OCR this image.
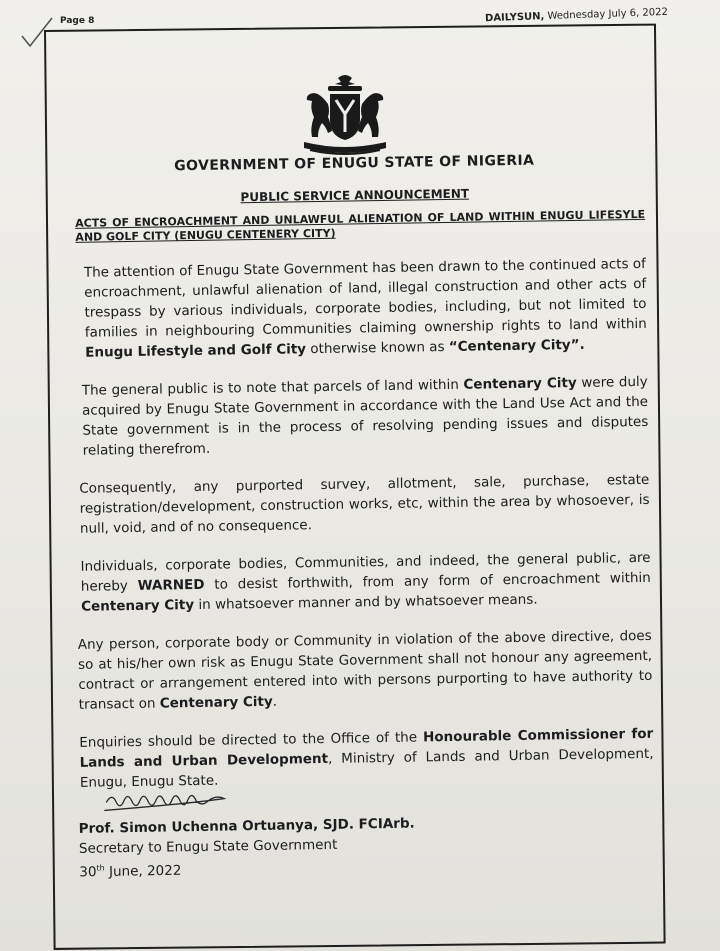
Page 8	DAILYSUN, Wednesday July 6, 2022
GOVERNMENT OF ENUGU STATE OF NIGERIA
PUBLIC SERVICE ANNOUNCEMENT
ACTS OF ENCROACHMENT AND UNLAWFUL ALIENATION OF LAND WITHIN ENUGU LIFESYLE AND GOLF CITY (ENUGU CENTENERY CITY)

The attention of Enugu State Government has been drawn to the continued acts of encroachment, unlawful alienation of land, illegal construction and other acts of trespass by various individuals, corporate bodies, including, but not limited to families in neighbouring Communities claiming ownership rights to land within Enugu Lifestyle and Golf City otherwise known as “Centenary City”.

The general public is to note that parcels of land within Centenary City were duly acquired by Enugu State Government in accordance with the Land Use Act and the State government is in the process of resolving pending issues and disputes relating therefrom.

Consequently, any purported survey, allotment, sale, purchase, estate registration/development, construction works, etc, within the area by whosoever, is null, void, and of no consequence.

Individuals, corporate bodies, Communities, and indeed, the general public, are hereby WARNED to desist forthwith, from any form of encroachment within Centenary City in whatsoever manner and by whatsoever means.

Any person, corporate body or Community in violation of the above directive, does so at his/her own risk as Enugu State Government shall not honour any agreement, contract or arrangement entered into with persons purporting to have authority to transact on Centenary City.

Enquiries should be directed to the Office of the Honourable Commissioner for Lands and Urban Development, Ministry of Lands and Urban Development, Enugu, Enugu State.

Prof. Simon Uchenna Ortuanya, SJD. FCIArb.
Secretary to Enugu State Government
30th June, 2022
